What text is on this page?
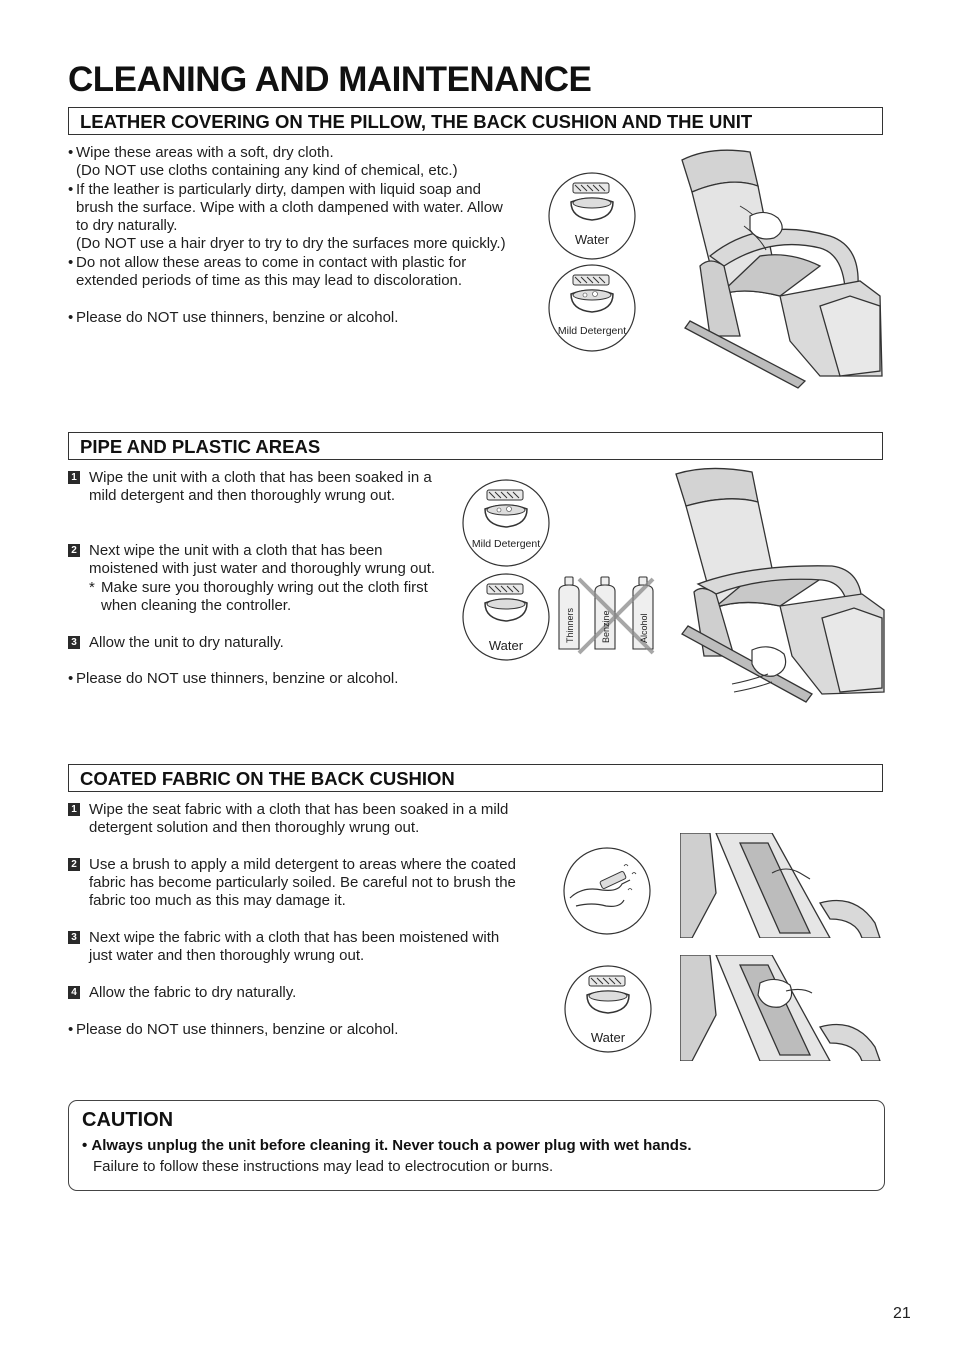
CLEANING AND MAINTENANCE
LEATHER COVERING ON THE PILLOW, THE BACK CUSHION AND THE UNIT
• Wipe these areas with a soft, dry cloth.
(Do NOT use cloths containing any kind of chemical, etc.)
• If the leather is particularly dirty, dampen with liquid soap and brush the surface. Wipe with a cloth dampened with water. Allow to dry naturally.
(Do NOT use a hair dryer to try to dry the surfaces more quickly.)
• Do not allow these areas to come in contact with plastic for extended periods of time as this may lead to discoloration.
• Please do NOT use thinners, benzine or alcohol.
Water
Mild Detergent
PIPE AND PLASTIC AREAS
1 Wipe the unit with a cloth that has been soaked in a mild detergent and then thoroughly wrung out.
2 Next wipe the unit with a cloth that has been moistened with just water and thoroughly wrung out.
* Make sure you thoroughly wring out the cloth first when cleaning the controller.
3 Allow the unit to dry naturally.
• Please do NOT use thinners, benzine or alcohol.
Mild Detergent
Water
Thinners	Benzine	Alcohol
COATED FABRIC ON THE BACK CUSHION
1 Wipe the seat fabric with a cloth that has been soaked in a mild detergent solution and then thoroughly wrung out.
2 Use a brush to apply a mild detergent to areas where the coated fabric has become particularly soiled. Be careful not to brush the fabric too much as this may damage it.
3 Next wipe the fabric with a cloth that has been moistened with just water and then thoroughly wrung out.
4 Allow the fabric to dry naturally.
• Please do NOT use thinners, benzine or alcohol.	Water
CAUTION
• Always unplug the unit before cleaning it. Never touch a power plug with wet hands.
Failure to follow these instructions may lead to electrocution or burns.
21
